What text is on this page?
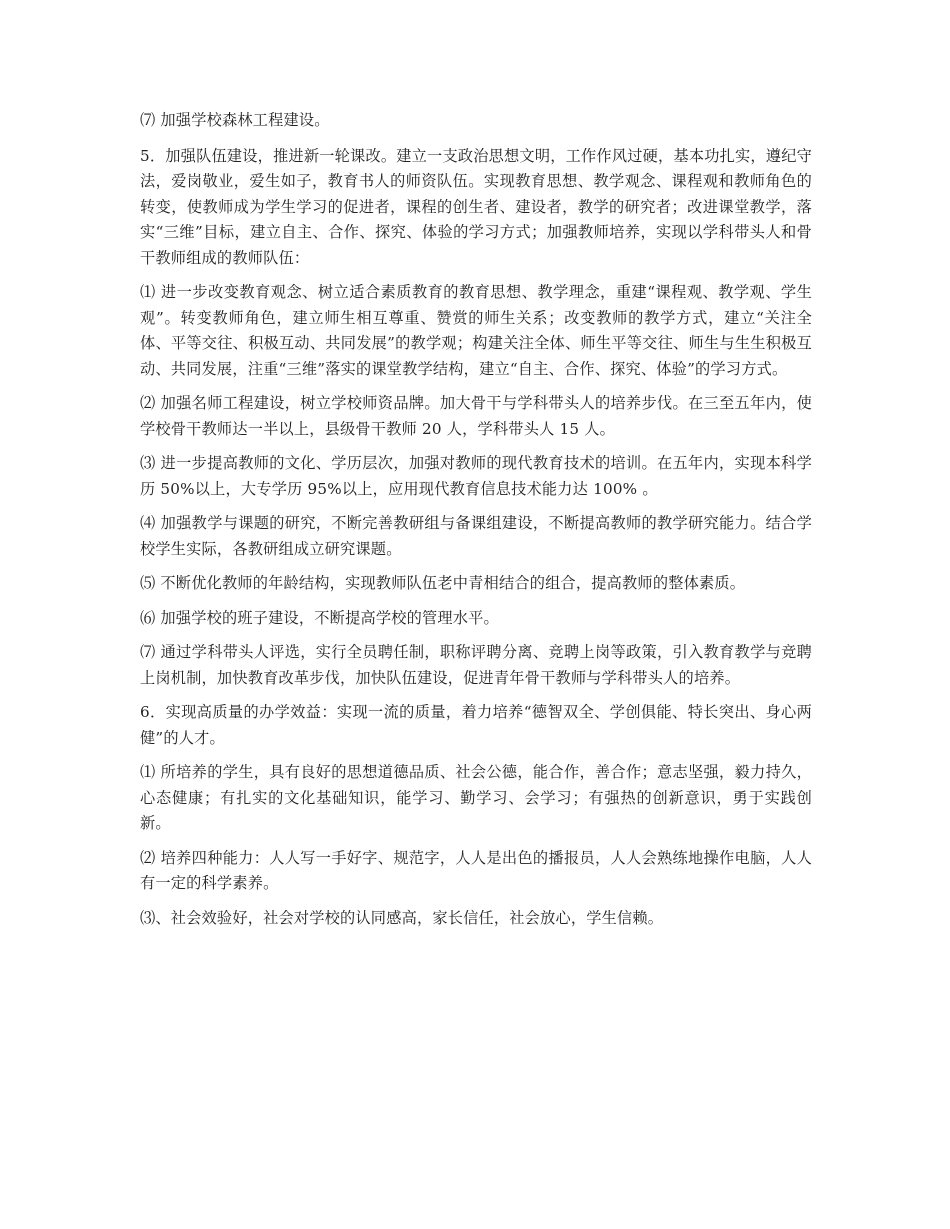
⑺ 加强学校森林工程建设。

5．加强队伍建设，推进新一轮课改。建立一支政治思想文明，工作作风过硬，基本功扎实，遵纪守法，爱岗敬业，爱生如子，教育书人的师资队伍。实现教育思想、教学观念、课程观和教师角色的转变，使教师成为学生学习的促进者，课程的创生者、建设者，教学的研究者；改进课堂教学，落实“三维”目标，建立自主、合作、探究、体验的学习方式；加强教师培养，实现以学科带头人和骨干教师组成的教师队伍：

⑴ 进一步改变教育观念、树立适合素质教育的教育思想、教学理念，重建“课程观、教学观、学生观”。转变教师角色，建立师生相互尊重、赞赏的师生关系；改变教师的教学方式，建立“关注全体、平等交往、积极互动、共同发展”的教学观；构建关注全体、师生平等交往、师生与生生积极互动、共同发展，注重“三维”落实的课堂教学结构，建立“自主、合作、探究、体验”的学习方式。

⑵ 加强名师工程建设，树立学校师资品牌。加大骨干与学科带头人的培养步伐。在三至五年内，使学校骨干教师达一半以上，县级骨干教师 20 人，学科带头人 15 人。

⑶ 进一步提高教师的文化、学历层次，加强对教师的现代教育技术的培训。在五年内，实现本科学历 50%以上，大专学历 95%以上，应用现代教育信息技术能力达 100% 。

⑷ 加强教学与课题的研究，不断完善教研组与备课组建设，不断提高教师的教学研究能力。结合学校学生实际，各教研组成立研究课题。

⑸ 不断优化教师的年龄结构，实现教师队伍老中青相结合的组合，提高教师的整体素质。

⑹ 加强学校的班子建设，不断提高学校的管理水平。

⑺ 通过学科带头人评选，实行全员聘任制，职称评聘分离、竞聘上岗等政策，引入教育教学与竞聘上岗机制，加快教育改革步伐，加快队伍建设，促进青年骨干教师与学科带头人的培养。

6．实现高质量的办学效益：实现一流的质量，着力培养“德智双全、学创俱能、特长突出、身心两健”的人才。

⑴ 所培养的学生，具有良好的思想道德品质、社会公德，能合作，善合作；意志坚强，毅力持久，心态健康；有扎实的文化基础知识，能学习、勤学习、会学习；有强热的创新意识，勇于实践创新。

⑵ 培养四种能力：人人写一手好字、规范字，人人是出色的播报员，人人会熟练地操作电脑，人人有一定的科学素养。

⑶、社会效验好，社会对学校的认同感高，家长信任，社会放心，学生信赖。
